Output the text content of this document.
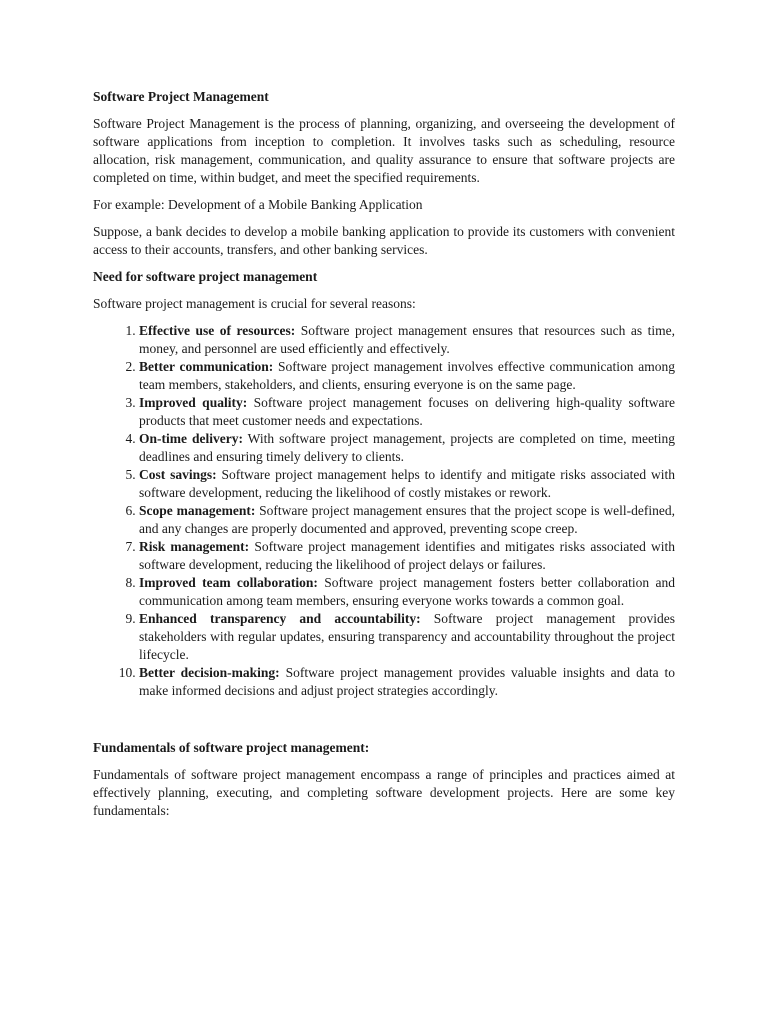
Software Project Management

Software Project Management is the process of planning, organizing, and overseeing the development of software applications from inception to completion. It involves tasks such as scheduling, resource allocation, risk management, communication, and quality assurance to ensure that software projects are completed on time, within budget, and meet the specified requirements.

For example: Development of a Mobile Banking Application

Suppose, a bank decides to develop a mobile banking application to provide its customers with convenient access to their accounts, transfers, and other banking services.

Need for software project management

Software project management is crucial for several reasons:

1. Effective use of resources: Software project management ensures that resources such as time, money, and personnel are used efficiently and effectively.
2. Better communication: Software project management involves effective communication among team members, stakeholders, and clients, ensuring everyone is on the same page.
3. Improved quality: Software project management focuses on delivering high-quality software products that meet customer needs and expectations.
4. On-time delivery: With software project management, projects are completed on time, meeting deadlines and ensuring timely delivery to clients.
5. Cost savings: Software project management helps to identify and mitigate risks associated with software development, reducing the likelihood of costly mistakes or rework.
6. Scope management: Software project management ensures that the project scope is well-defined, and any changes are properly documented and approved, preventing scope creep.
7. Risk management: Software project management identifies and mitigates risks associated with software development, reducing the likelihood of project delays or failures.
8. Improved team collaboration: Software project management fosters better collaboration and communication among team members, ensuring everyone works towards a common goal.
9. Enhanced transparency and accountability: Software project management provides stakeholders with regular updates, ensuring transparency and accountability throughout the project lifecycle.
10. Better decision-making: Software project management provides valuable insights and data to make informed decisions and adjust project strategies accordingly.
Fundamentals of software project management:

Fundamentals of software project management encompass a range of principles and practices aimed at effectively planning, executing, and completing software development projects. Here are some key fundamentals:
